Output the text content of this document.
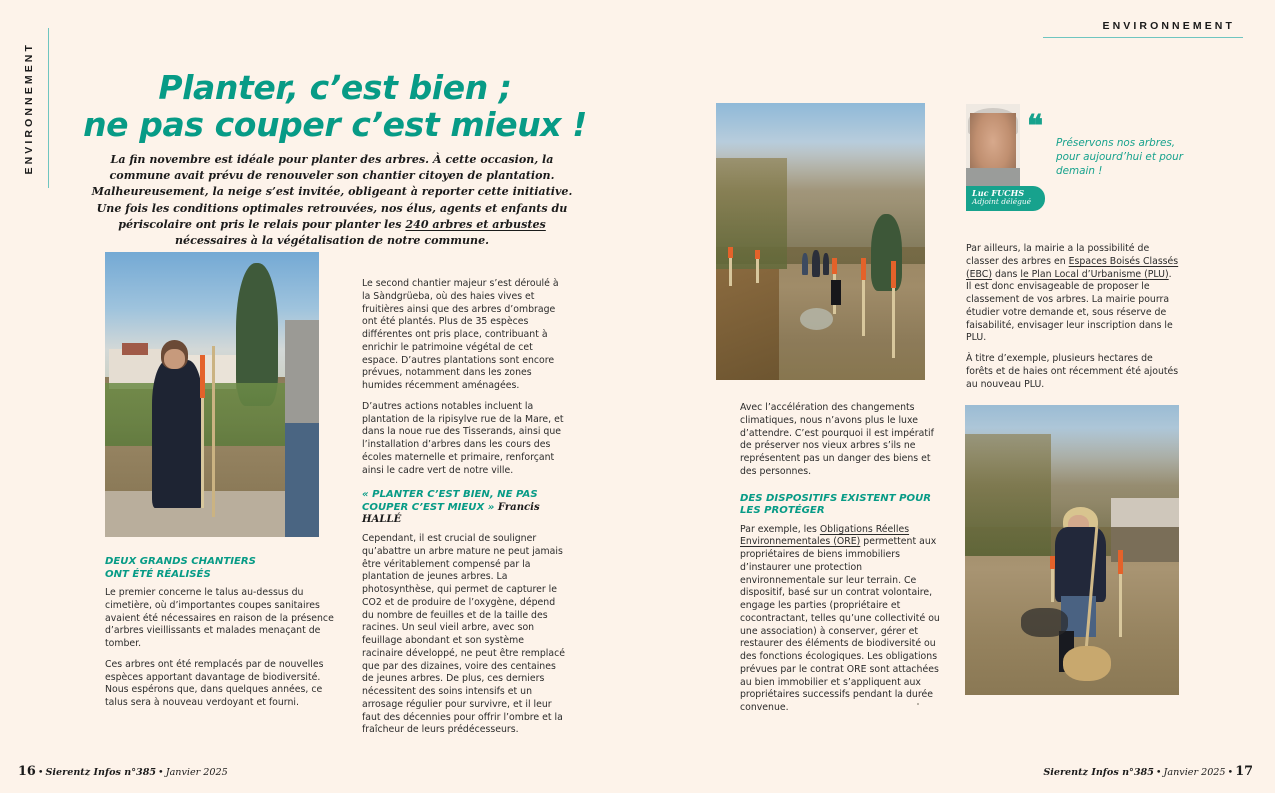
ENVIRONNEMENT
ENVIRONNEMENT
Planter, c’est bien ;
ne pas couper c’est mieux !
La fin novembre est idéale pour planter des arbres. À cette occasion, la commune avait prévu de renouveler son chantier citoyen de plantation. Malheureusement, la neige s’est invitée, obligeant à reporter cette initiative. Une fois les conditions optimales retrouvées, nos élus, agents et enfants du périscolaire ont pris le relais pour planter les 240 arbres et arbustes nécessaires à la végétalisation de notre commune.
Luc FUCHS
Adjoint délégué
❝ Préservons nos arbres, pour aujourd’hui et pour demain !
DEUX GRANDS CHANTIERS
ONT ÉTÉ RÉALISÉS

Le premier concerne le talus au-dessus du cimetière, où d’importantes coupes sanitaires avaient été nécessaires en raison de la présence d’arbres vieillissants et malades menaçant de tomber.

Ces arbres ont été remplacés par de nouvelles espèces apportant davantage de biodiversité. Nous espérons que, dans quelques années, ce talus sera à nouveau verdoyant et fourni.

Le second chantier majeur s’est déroulé à la Sàndgrüeba, où des haies vives et fruitières ainsi que des arbres d’ombrage ont été plantés. Plus de 35 espèces différentes ont pris place, contribuant à enrichir le patrimoine végétal de cet espace. D’autres plantations sont encore prévues, notamment dans les zones humides récemment aménagées.

D’autres actions notables incluent la plantation de la ripisylve rue de la Mare, et dans la noue rue des Tisserands, ainsi que l’installation d’arbres dans les cours des écoles maternelle et primaire, renforçant ainsi le cadre vert de notre ville.

« PLANTER C’EST BIEN, NE PAS COUPER C’EST MIEUX » Francis HALLÉ

Cependant, il est crucial de souligner qu’abattre un arbre mature ne peut jamais être véritablement compensé par la plantation de jeunes arbres. La photosynthèse, qui permet de capturer le CO2 et de produire de l’oxygène, dépend du nombre de feuilles et de la taille des racines. Un seul vieil arbre, avec son feuillage abondant et son système racinaire développé, ne peut être remplacé que par des dizaines, voire des centaines de jeunes arbres. De plus, ces derniers nécessitent des soins intensifs et un arrosage régulier pour survivre, et il leur faut des décennies pour offrir l’ombre et la fraîcheur de leurs prédécesseurs.

Avec l’accélération des changements climatiques, nous n’avons plus le luxe d’attendre. C’est pourquoi il est impératif de préserver nos vieux arbres s’ils ne représentent pas un danger des biens et des personnes.

DES DISPOSITIFS EXISTENT POUR
LES PROTÉGER

Par exemple, les Obligations Réelles Environnementales (ORE) permettent aux propriétaires de biens immobiliers d’instaurer une protection environnementale sur leur terrain. Ce dispositif, basé sur un contrat volontaire, engage les parties (propriétaire et cocontractant, telles qu’une collectivité ou une association) à conserver, gérer et restaurer des éléments de biodiversité ou des fonctions écologiques. Les obligations prévues par le contrat ORE sont attachées au bien immobilier et s’appliquent aux propriétaires successifs pendant la durée convenue.

Par ailleurs, la mairie a la possibilité de classer des arbres en Espaces Boisés Classés (EBC) dans le Plan Local d’Urbanisme (PLU). Il est donc envisageable de proposer le classement de vos arbres. La mairie pourra étudier votre demande et, sous réserve de faisabilité, envisager leur inscription dans le PLU.

À titre d’exemple, plusieurs hectares de forêts et de haies ont récemment été ajoutés au nouveau PLU.

16 • Sierentz Infos n°385 • Janvier 2025	Sierentz Infos n°385 • Janvier 2025 • 17
